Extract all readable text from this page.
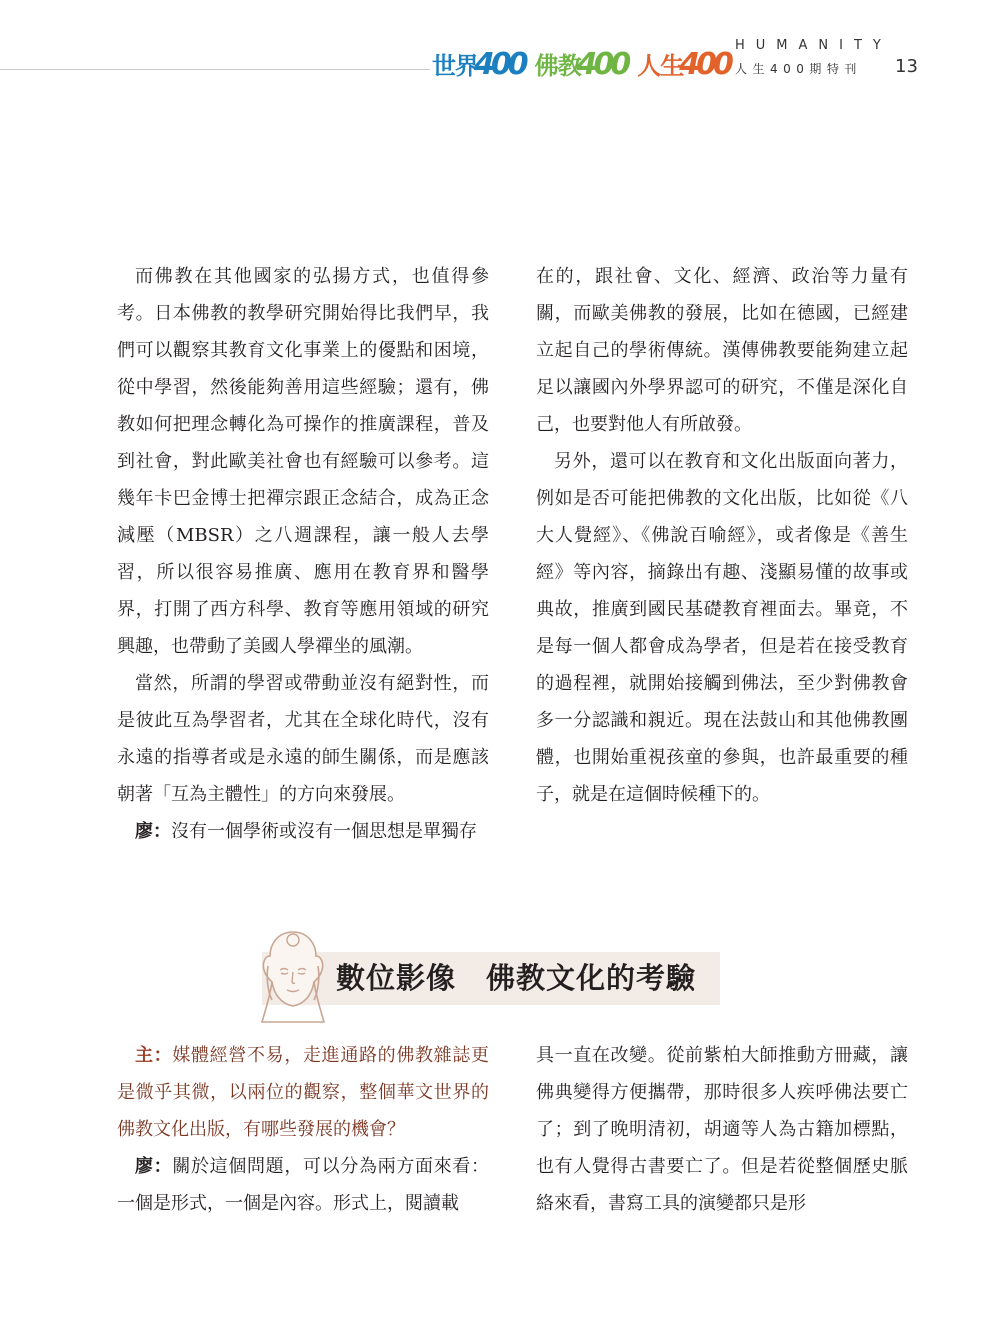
世界
400 佛教
400 人生
400
HUMANITY
人生400期特刊 13

而佛教在其他國家的弘揚方式，也值得參考。日本佛教的教學研究開始得比我們早，我們可以觀察其教育文化事業上的優點和困境，從中學習，然後能夠善用這些經驗；還有，佛教如何把理念轉化為可操作的推廣課程，普及到社會，對此歐美社會也有經驗可以參考。這幾年卡巴金博士把禪宗跟正念結合，成為正念減壓（MBSR）之八週課程，讓一般人去學習，所以很容易推廣、應用在教育界和醫學界，打開了西方科學、教育等應用領域的研究興趣，也帶動了美國人學禪坐的風潮。

當然，所謂的學習或帶動並沒有絕對性，而是彼此互為學習者，尤其在全球化時代，沒有永遠的指導者或是永遠的師生關係，而是應該朝著「互為主體性」的方向來發展。

廖：沒有一個學術或沒有一個思想是單獨存

在的，跟社會、文化、經濟、政治等力量有關，而歐美佛教的發展，比如在德國，已經建立起自己的學術傳統。漢傳佛教要能夠建立起足以讓國內外學界認可的研究，不僅是深化自己，也要對他人有所啟發。

另外，還可以在教育和文化出版面向著力，例如是否可能把佛教的文化出版，比如從《八大人覺經》、《佛說百喻經》，或者像是《善生經》等內容，摘錄出有趣、淺顯易懂的故事或典故，推廣到國民基礎教育裡面去。畢竟，不是每一個人都會成為學者，但是若在接受教育的過程裡，就開始接觸到佛法，至少對佛教會多一分認識和親近。現在法鼓山和其他佛教團體，也開始重視孩童的參與，也許最重要的種子，就是在這個時候種下的。

數位影像　佛教文化的考驗

主：媒體經營不易，走進通路的佛教雜誌更是微乎其微，以兩位的觀察，整個華文世界的佛教文化出版，有哪些發展的機會？

廖：關於這個問題，可以分為兩方面來看：一個是形式，一個是內容。形式上，閱讀載

具一直在改變。從前紫柏大師推動方冊藏，讓佛典變得方便攜帶，那時很多人疾呼佛法要亡了；到了晚明清初，胡適等人為古籍加標點，也有人覺得古書要亡了。但是若從整個歷史脈絡來看，書寫工具的演變都只是形
